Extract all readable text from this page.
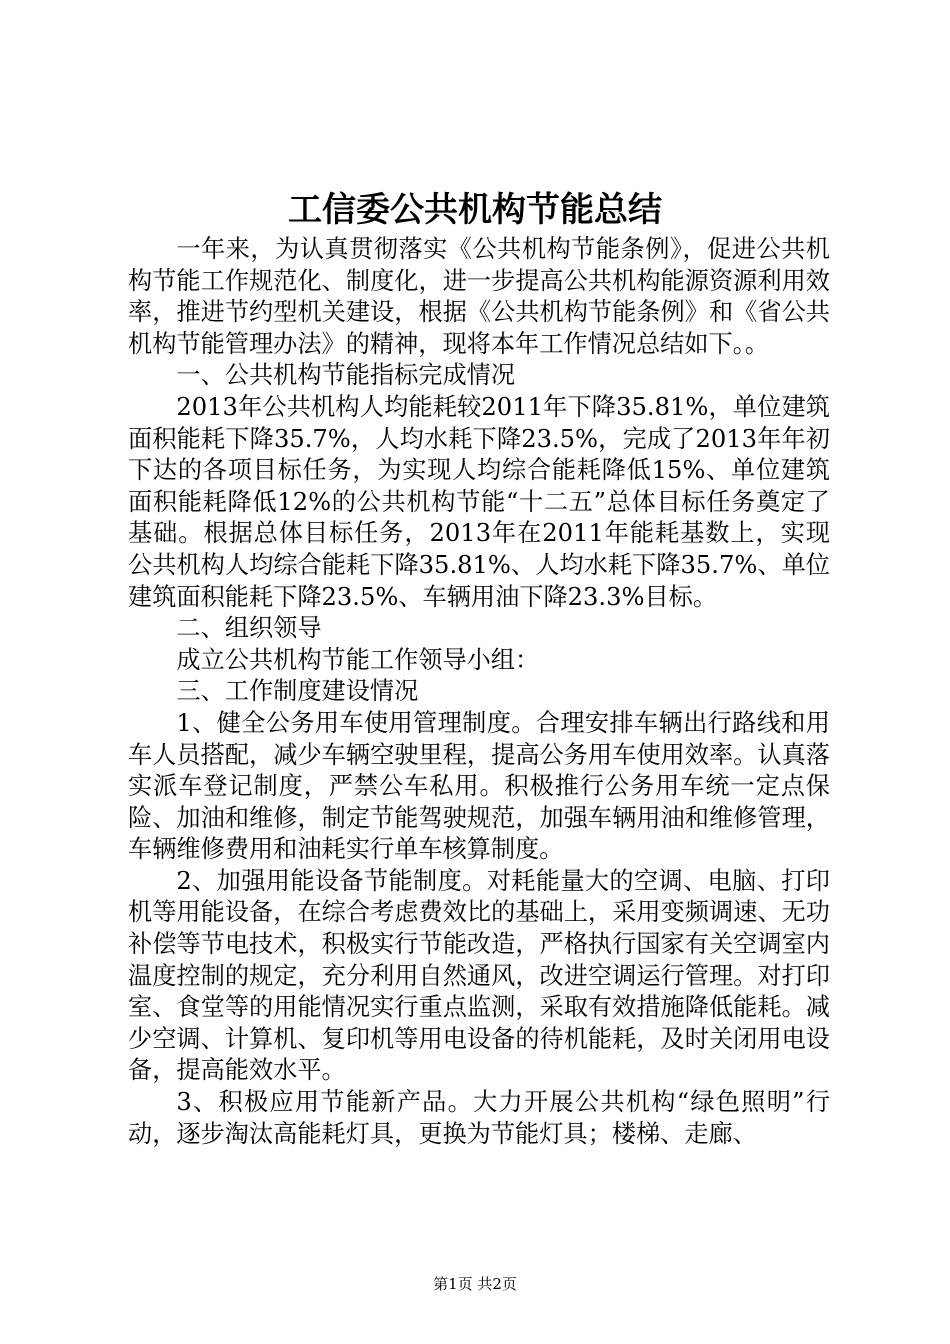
工信委公共机构节能总结

一年来，为认真贯彻落实《公共机构节能条例》，促进公共机构节能工作规范化、制度化，进一步提高公共机构能源资源利用效率，推进节约型机关建设，根据《公共机构节能条例》和《省公共机构节能管理办法》的精神，现将本年工作情况总结如下。。

一、公共机构节能指标完成情况

2013年公共机构人均能耗较2011年下降35.81%，单位建筑面积能耗下降35.7%，人均水耗下降23.5%，完成了2013年年初下达的各项目标任务，为实现人均综合能耗降低15%、单位建筑面积能耗降低12%的公共机构节能“十二五”总体目标任务奠定了基础。根据总体目标任务，2013年在2011年能耗基数上，实现公共机构人均综合能耗下降35.81%、人均水耗下降35.7%、单位建筑面积能耗下降23.5%、车辆用油下降23.3%目标。

二、组织领导

成立公共机构节能工作领导小组：

三、工作制度建设情况

1、健全公务用车使用管理制度。合理安排车辆出行路线和用车人员搭配，减少车辆空驶里程，提高公务用车使用效率。认真落实派车登记制度，严禁公车私用。积极推行公务用车统一定点保险、加油和维修，制定节能驾驶规范，加强车辆用油和维修管理，车辆维修费用和油耗实行单车核算制度。

2、加强用能设备节能制度。对耗能量大的空调、电脑、打印机等用能设备，在综合考虑费效比的基础上，采用变频调速、无功补偿等节电技术，积极实行节能改造，严格执行国家有关空调室内温度控制的规定，充分利用自然通风，改进空调运行管理。对打印室、食堂等的用能情况实行重点监测，采取有效措施降低能耗。减少空调、计算机、复印机等用电设备的待机能耗，及时关闭用电设备，提高能效水平。

3、积极应用节能新产品。大力开展公共机构“绿色照明”行动，逐步淘汰高能耗灯具，更换为节能灯具；楼梯、走廊、

第1页 共2页
